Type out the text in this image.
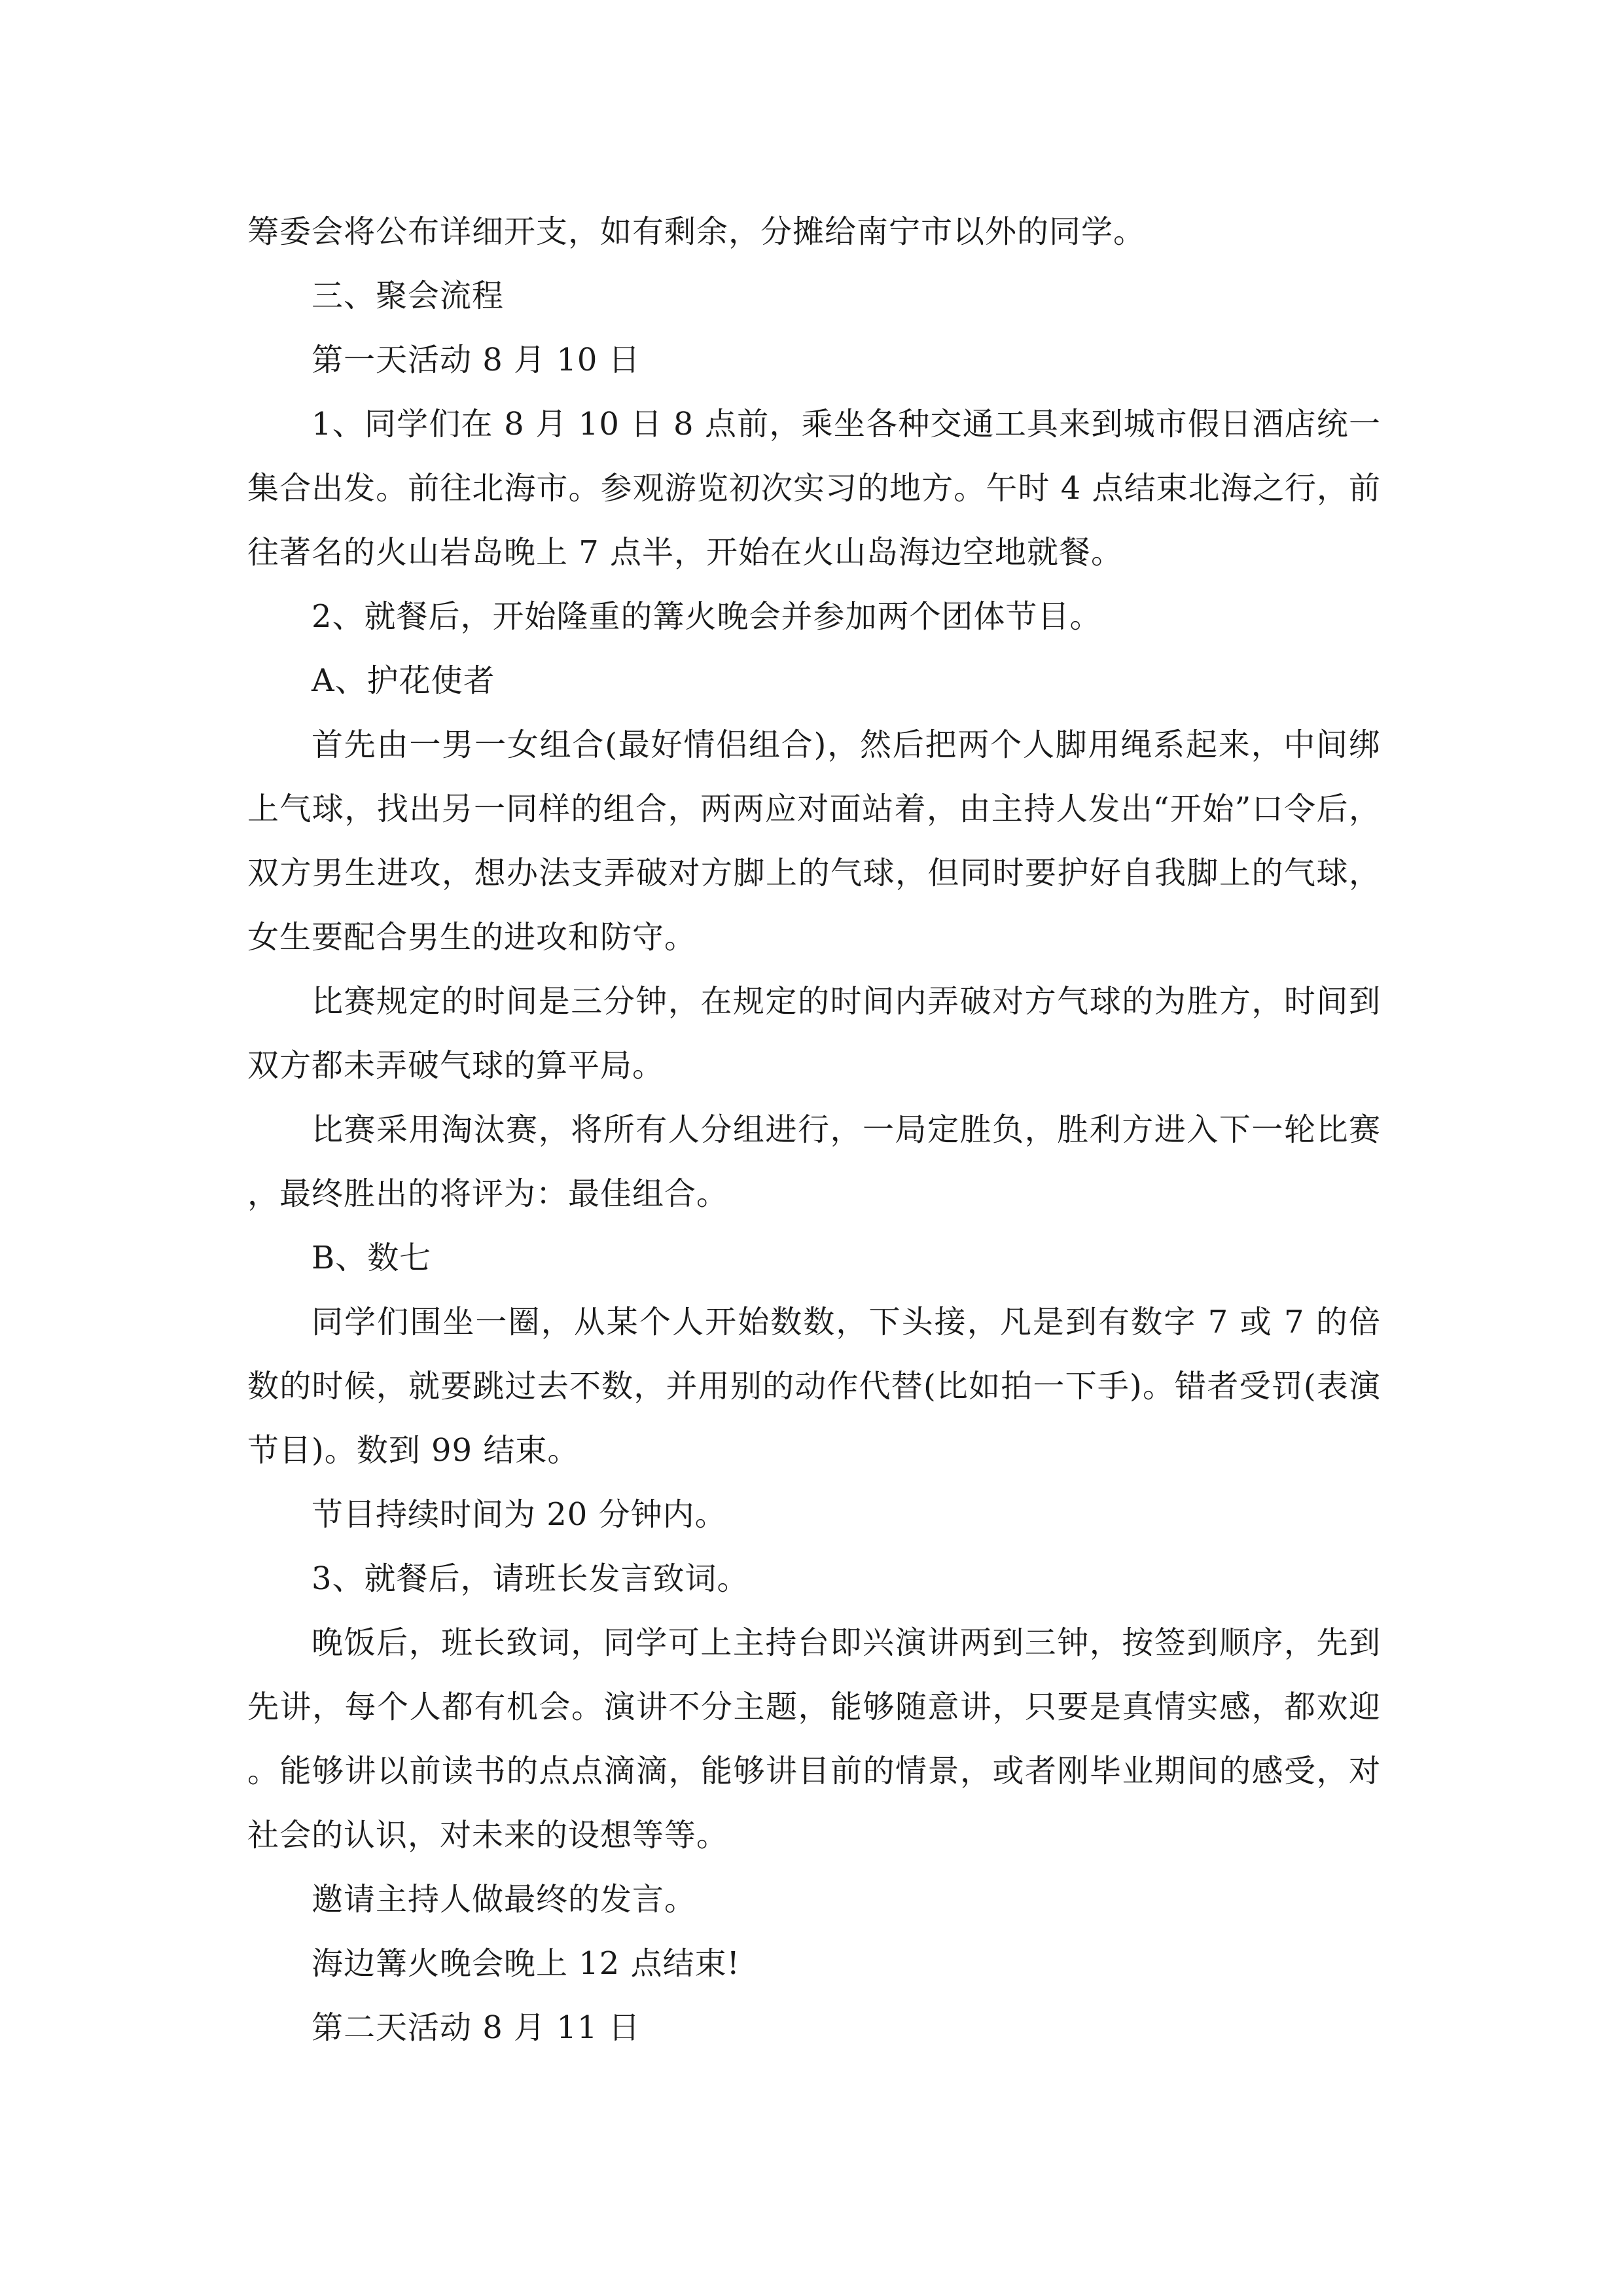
筹委会将公布详细开支，如有剩余，分摊给南宁市以外的同学。

三、聚会流程

第一天活动 8 月 10 日

1、同学们在 8 月 10 日 8 点前，乘坐各种交通工具来到城市假日酒店统一集合出发。前往北海市。参观游览初次实习的地方。午时 4 点结束北海之行，前往著名的火山岩岛晚上 7 点半，开始在火山岛海边空地就餐。

2、就餐后，开始隆重的篝火晚会并参加两个团体节目。

A、护花使者

首先由一男一女组合(最好情侣组合)，然后把两个人脚用绳系起来，中间绑上气球，找出另一同样的组合，两两应对面站着，由主持人发出“开始”口令后，双方男生进攻，想办法支弄破对方脚上的气球，但同时要护好自我脚上的气球，女生要配合男生的进攻和防守。

比赛规定的时间是三分钟，在规定的时间内弄破对方气球的为胜方，时间到双方都未弄破气球的算平局。

比赛采用淘汰赛，将所有人分组进行，一局定胜负，胜利方进入下一轮比赛，最终胜出的将评为：最佳组合。

B、数七

同学们围坐一圈，从某个人开始数数，下头接，凡是到有数字 7 或 7 的倍数的时候，就要跳过去不数，并用别的动作代替(比如拍一下手)。错者受罚(表演节目)。数到 99 结束。

节目持续时间为 20 分钟内。

3、就餐后，请班长发言致词。

晚饭后，班长致词，同学可上主持台即兴演讲两到三钟，按签到顺序，先到先讲，每个人都有机会。演讲不分主题，能够随意讲，只要是真情实感，都欢迎。能够讲以前读书的点点滴滴，能够讲目前的情景，或者刚毕业期间的感受，对社会的认识，对未来的设想等等。

邀请主持人做最终的发言。

海边篝火晚会晚上 12 点结束!

第二天活动 8 月 11 日
